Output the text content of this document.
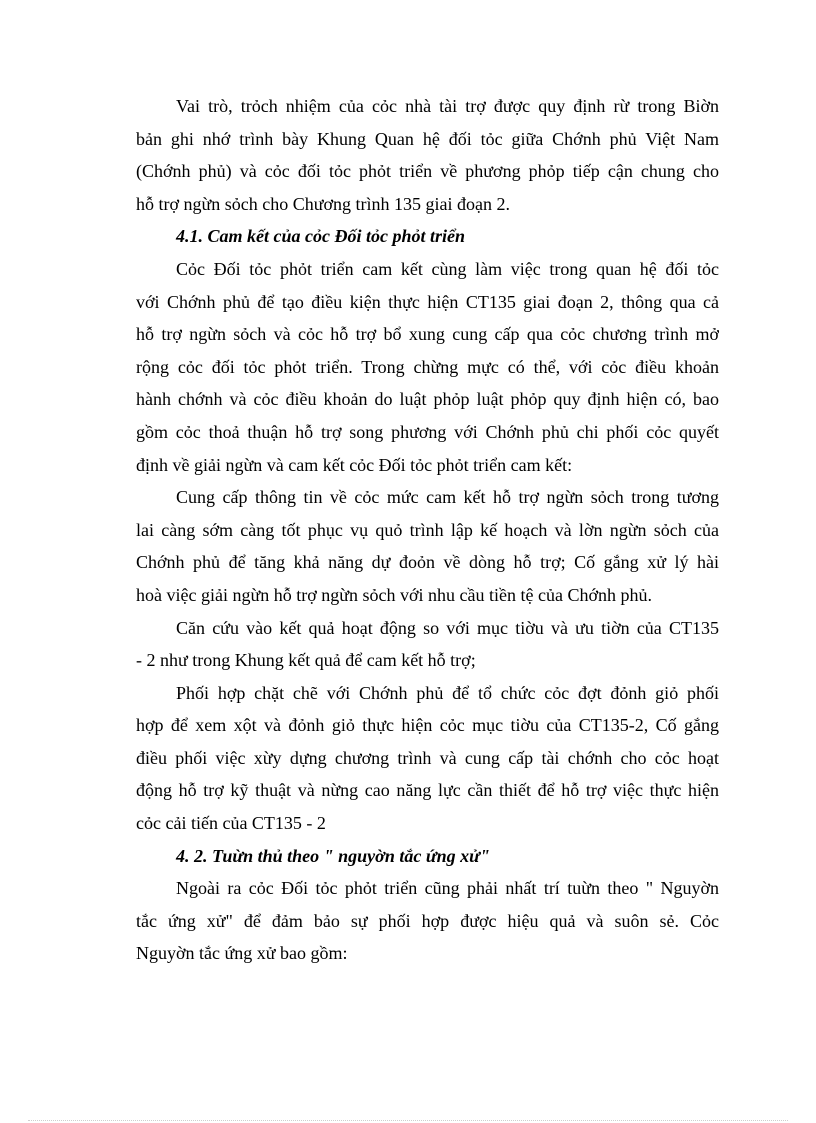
Vai trò, trỏch nhiệm của cỏc nhà tài trợ được quy định rừ trong Biờn
bản ghi nhớ trình bày Khung Quan hệ đối tỏc giữa Chớnh phủ Việt Nam
(Chớnh phủ) và cỏc đối tỏc phỏt triển về phương phỏp tiếp cận chung cho
hỗ trợ ngừn sỏch cho Chương trình 135 giai đoạn 2.
4.1. Cam kết của cỏc Đối tỏc phỏt triển
Cỏc Đối tỏc phỏt triển cam kết cùng làm việc trong quan hệ đối tỏc
với Chớnh phủ để tạo điều kiện thực hiện CT135 giai đoạn 2, thông qua cả
hỗ trợ ngừn sỏch và cỏc hỗ trợ bổ xung cung cấp qua cỏc chương trình mở
rộng cỏc đối tỏc phỏt triển. Trong chừng mực có thể, với cỏc điều khoản
hành chớnh và cỏc điều khoản do luật phỏp luật phỏp quy định hiện có, bao
gồm cỏc thoả thuận hỗ trợ song phương với Chớnh phủ chi phối cỏc quyết
định về giải ngừn và cam kết cỏc Đối tỏc phỏt triển cam kết:
Cung cấp thông tin về cỏc mức cam kết hỗ trợ ngừn sỏch trong tương
lai càng sớm càng tốt phục vụ quỏ trình lập kế hoạch và lờn ngừn sỏch của
Chớnh phủ để tăng khả năng dự đoỏn về dòng hỗ trợ; Cố gắng xử lý hài
hoà việc giải ngừn hỗ trợ ngừn sỏch với nhu cầu tiền tệ của Chớnh phủ.
Căn cứu vào kết quả hoạt động so với mục tiờu và ưu tiờn của CT135
- 2 như trong Khung kết quả để cam kết hỗ trợ;
Phối hợp chặt chẽ với Chớnh phủ để tổ chức cỏc đợt đỏnh giỏ phối
hợp để xem xột và đỏnh giỏ thực hiện cỏc mục tiờu của CT135-2, Cố gắng
điều phối việc xừy dựng chương trình và cung cấp tài chớnh cho cỏc hoạt
động hỗ trợ kỹ thuật và nừng cao năng lực cần thiết để hỗ trợ việc thực hiện
cỏc cải tiến của CT135 - 2
4. 2. Tuừn thủ theo " nguyờn tắc ứng xử"
Ngoài ra cỏc Đối tỏc phỏt triển cũng phải nhất trí tuừn theo " Nguyờn
tắc ứng xử" để đảm bảo sự phối hợp được hiệu quả và suôn sẻ. Cỏc
Nguyờn tắc ứng xử bao gồm:
